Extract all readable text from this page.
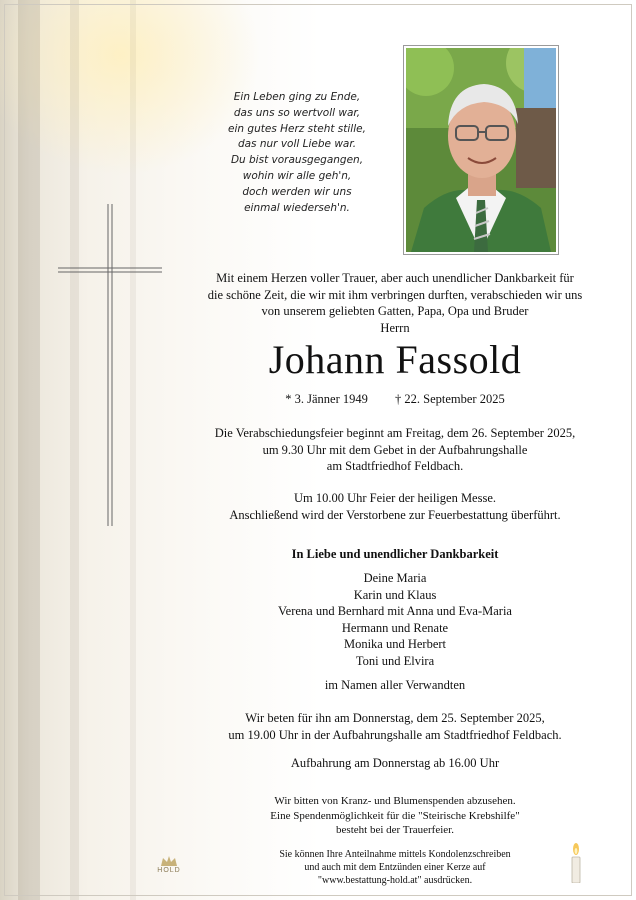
Ein Leben ging zu Ende,
das uns so wertvoll war,
ein gutes Herz steht stille,
das nur voll Liebe war.
Du bist vorausgegangen,
wohin wir alle geh'n,
doch werden wir uns
einmal wiederseh'n.
Mit einem Herzen voller Trauer, aber auch unendlicher Dankbarkeit für
die schöne Zeit, die wir mit ihm verbringen durften, verabschieden wir uns
von unserem geliebten Gatten, Papa, Opa und Bruder
Herrn
Johann Fassold
* 3. Jänner 1949 † 22. September 2025
Die Verabschiedungsfeier beginnt am Freitag, dem 26. September 2025,
um 9.30 Uhr mit dem Gebet in der Aufbahrungshalle
am Stadtfriedhof Feldbach.
Um 10.00 Uhr Feier der heiligen Messe.
Anschließend wird der Verstorbene zur Feuerbestattung überführt.
In Liebe und unendlicher Dankbarkeit
Deine Maria
Karin und Klaus
Verena und Bernhard mit Anna und Eva-Maria
Hermann und Renate
Monika und Herbert
Toni und Elvira
im Namen aller Verwandten
Wir beten für ihn am Donnerstag, dem 25. September 2025,
um 19.00 Uhr in der Aufbahrungshalle am Stadtfriedhof Feldbach.
Aufbahrung am Donnerstag ab 16.00 Uhr
Wir bitten von Kranz- und Blumenspenden abzusehen.
Eine Spendenmöglichkeit für die "Steirische Krebshilfe"
besteht bei der Trauerfeier.
Sie können Ihre Anteilnahme mittels Kondolenzschreiben
und auch mit dem Entzünden einer Kerze auf
"www.bestattung-hold.at" ausdrücken.
HOLD
